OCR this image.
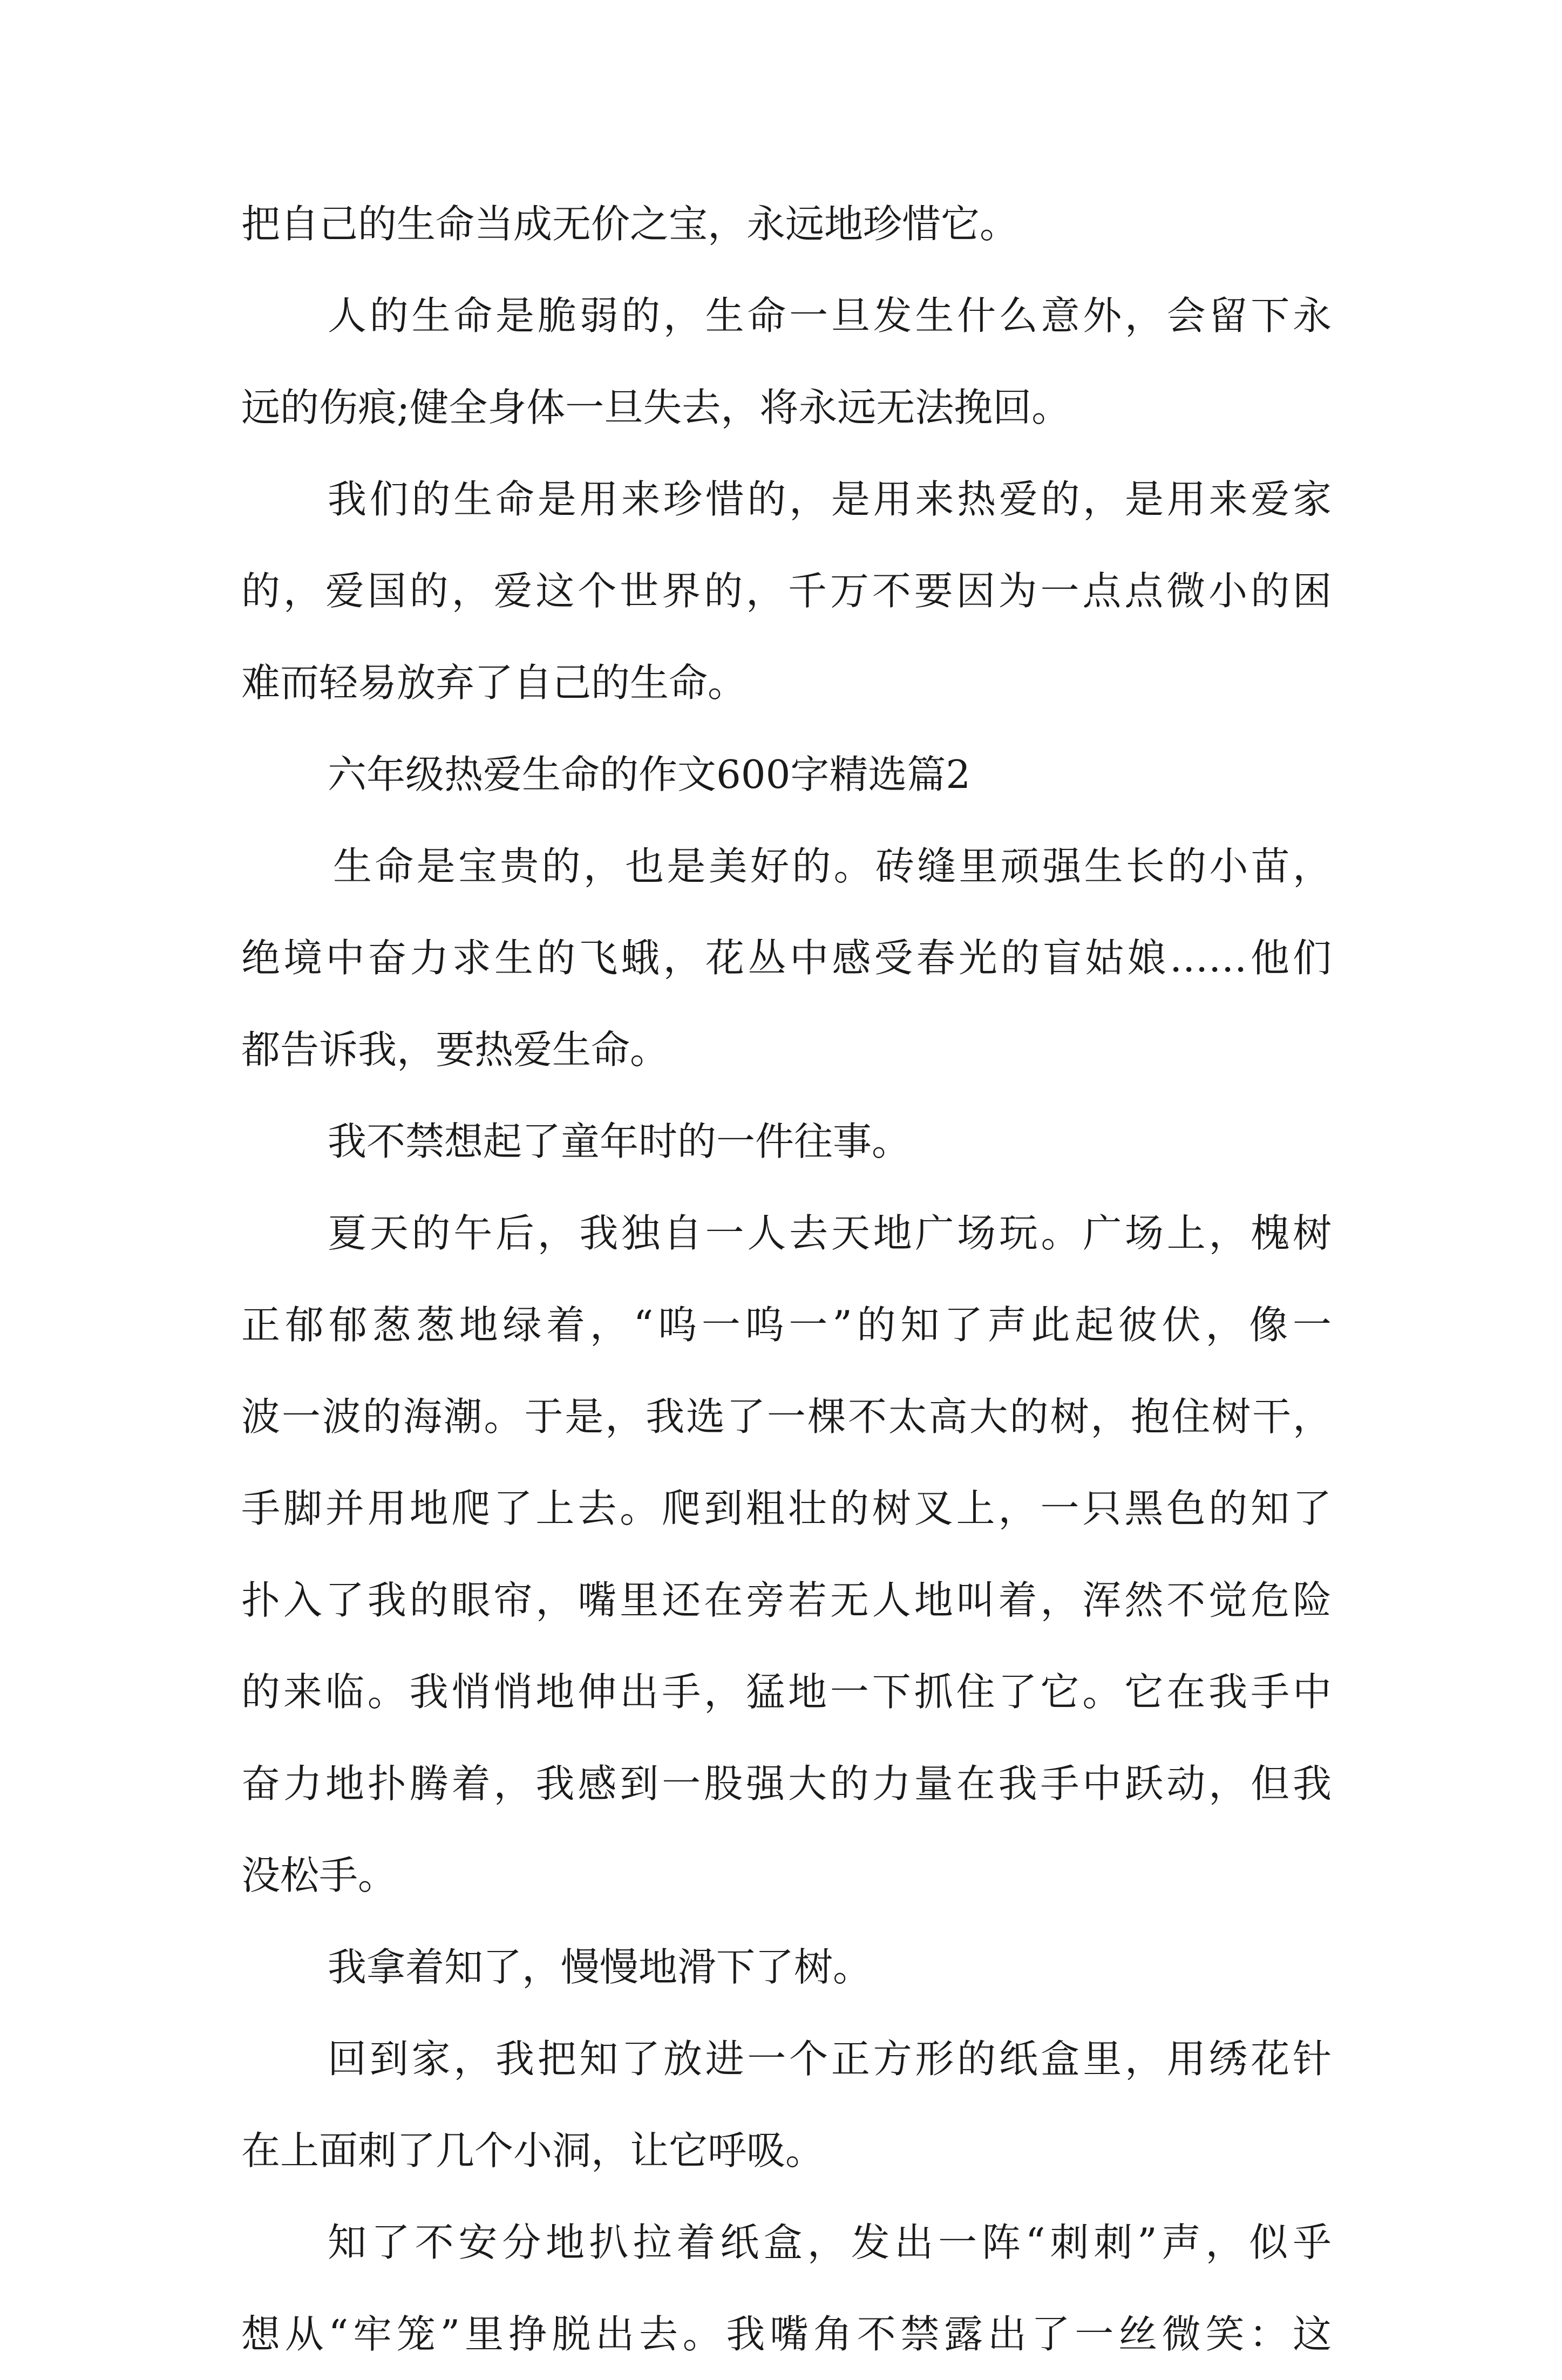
把自己的生命当成无价之宝，永远地珍惜它。
人的生命是脆弱的，生命一旦发生什么意外，会留下永
远的伤痕;健全身体一旦失去，将永远无法挽回。
我们的生命是用来珍惜的，是用来热爱的，是用来爱家
的，爱国的，爱这个世界的，千万不要因为一点点微小的困
难而轻易放弃了自己的生命。
六年级热爱生命的作文600字精选篇2
生命是宝贵的，也是美好的。砖缝里顽强生长的小苗，
绝境中奋力求生的飞蛾，花丛中感受春光的盲姑娘……他们
都告诉我，要热爱生命。
我不禁想起了童年时的一件往事。
夏天的午后，我独自一人去天地广场玩。广场上，槐树
正郁郁葱葱地绿着，“呜一呜一”的知了声此起彼伏，像一
波一波的海潮。于是，我选了一棵不太高大的树，抱住树干，
手脚并用地爬了上去。爬到粗壮的树叉上，一只黑色的知了
扑入了我的眼帘，嘴里还在旁若无人地叫着，浑然不觉危险
的来临。我悄悄地伸出手，猛地一下抓住了它。它在我手中
奋力地扑腾着，我感到一股强大的力量在我手中跃动，但我
没松手。
我拿着知了，慢慢地滑下了树。
回到家，我把知了放进一个正方形的纸盒里，用绣花针
在上面刺了几个小洞，让它呼吸。
知了不安分地扒拉着纸盒，发出一阵“刺刺”声，似乎
想从“牢笼”里挣脱出去。我嘴角不禁露出了一丝微笑：这
